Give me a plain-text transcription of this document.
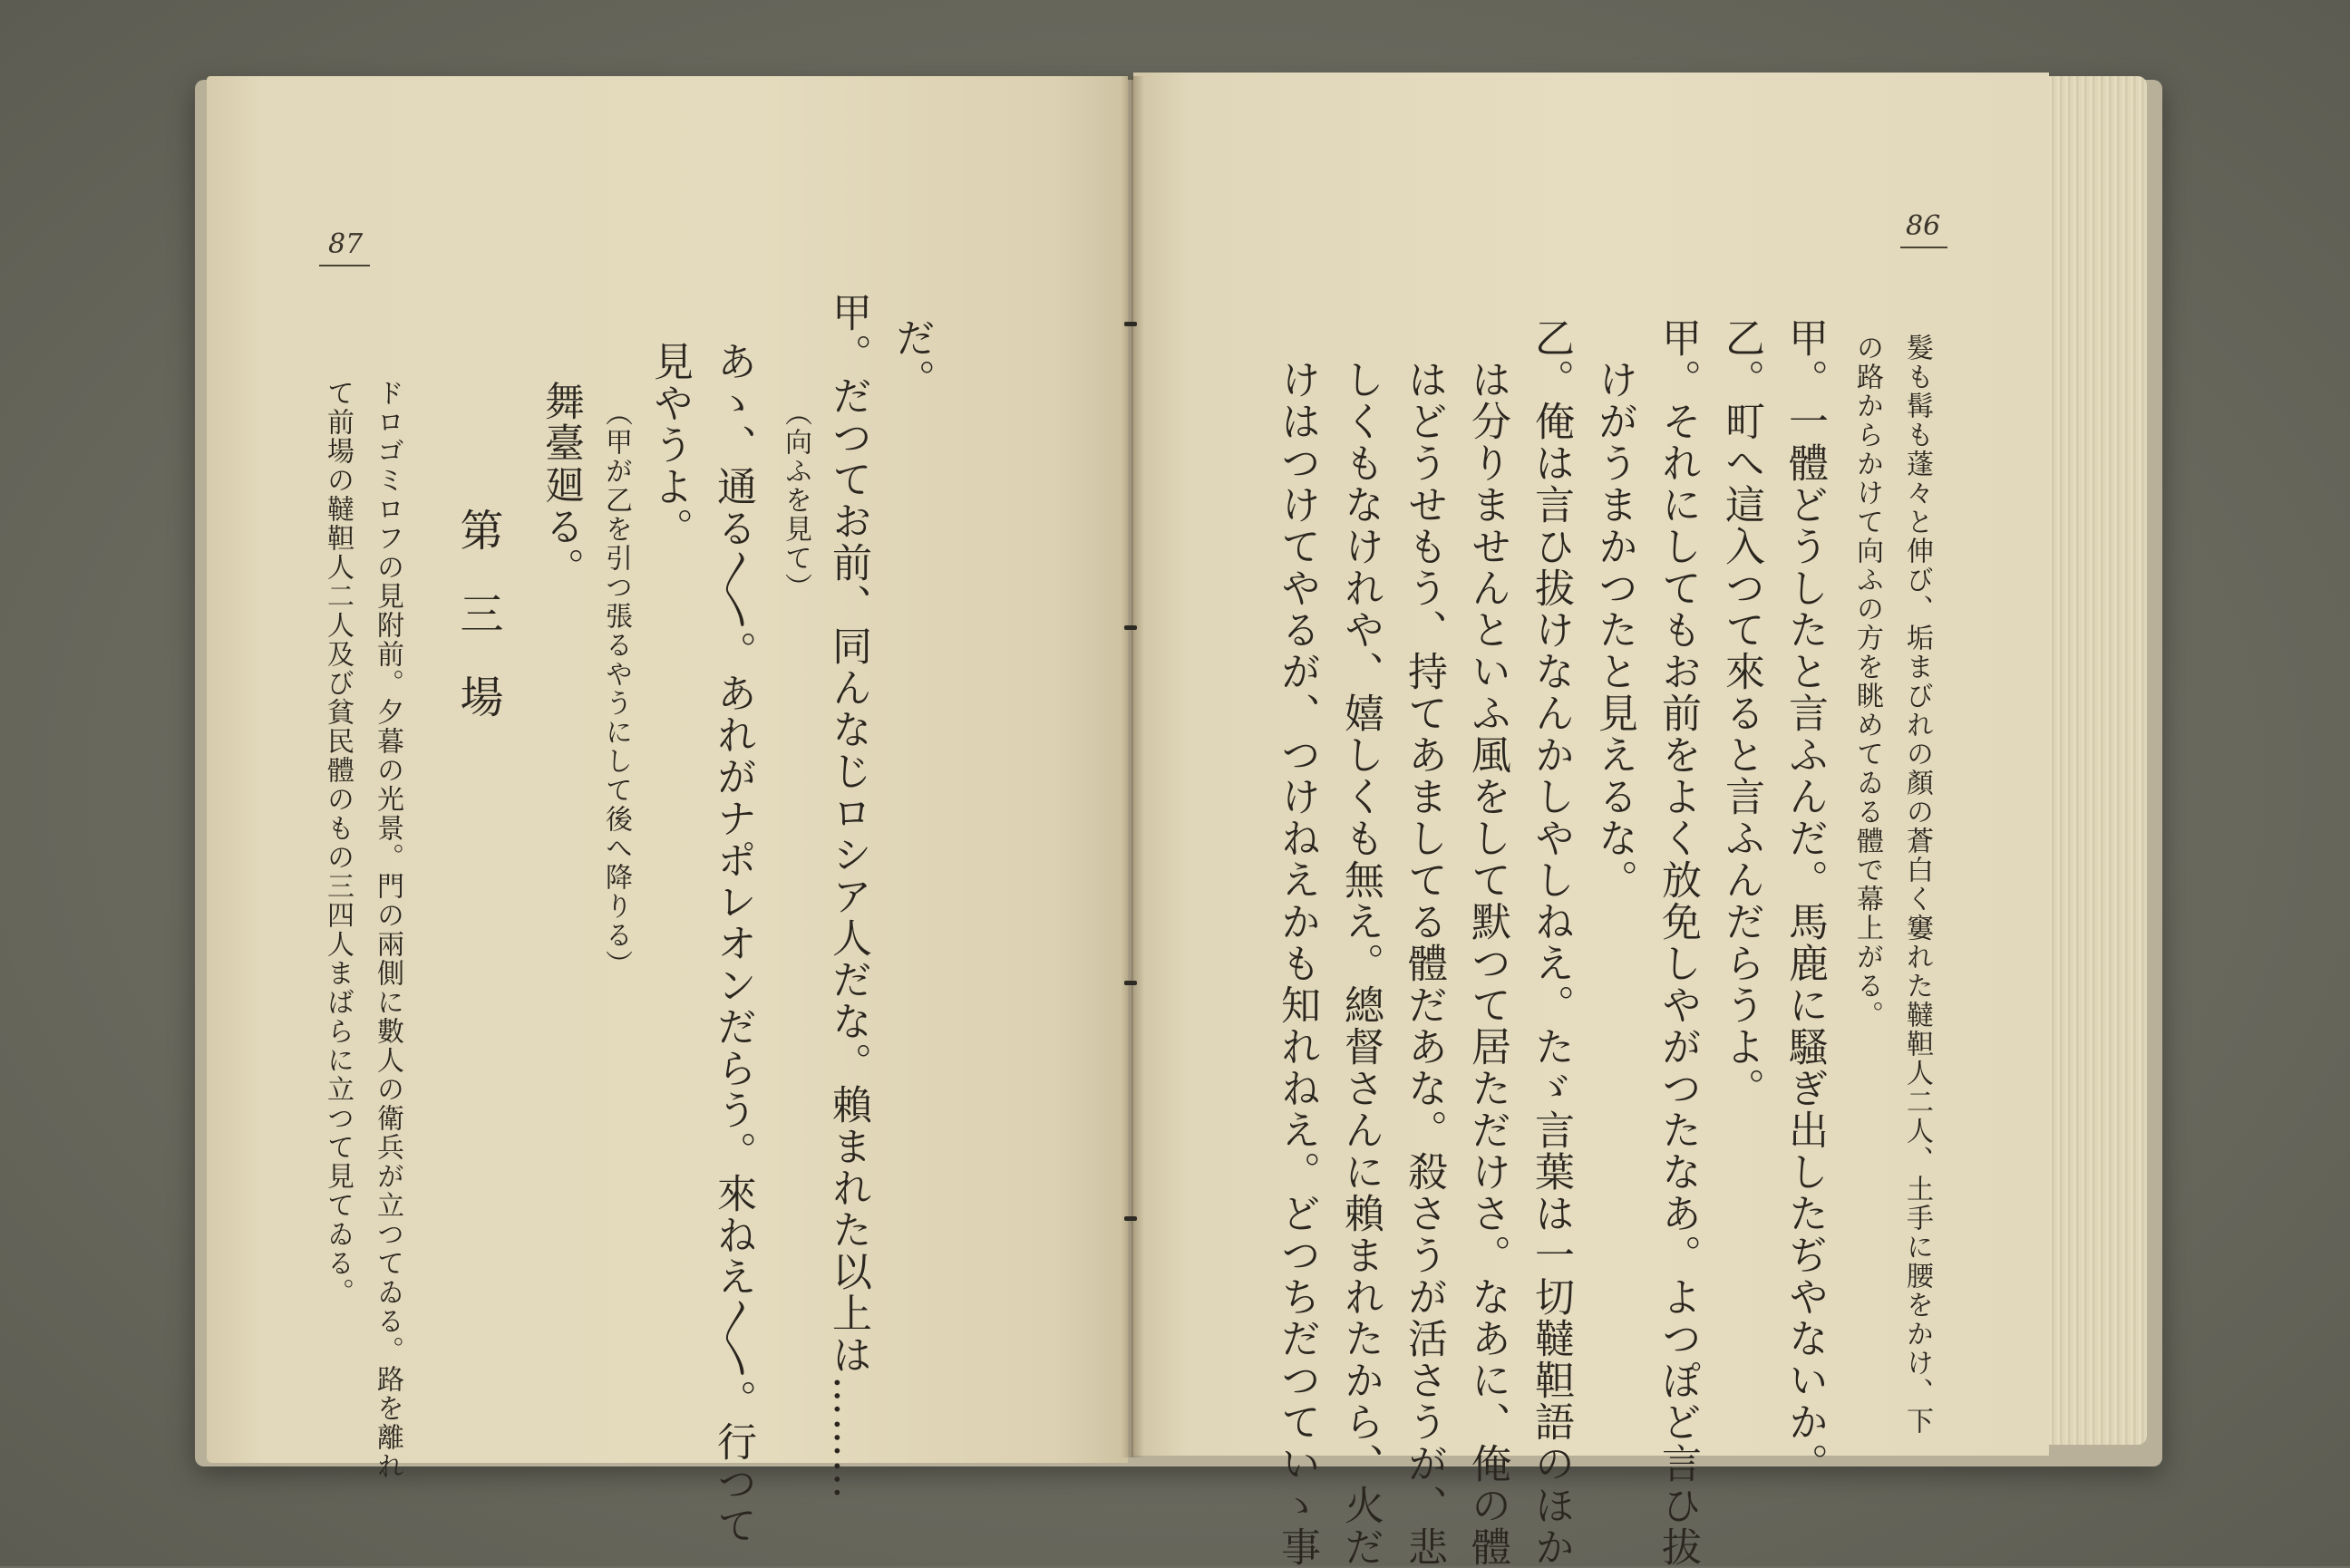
86
髮も髯も蓬々と伸び、垢まびれの顏の蒼白く窶れた韃靼人二人、土手に腰をかけ、下
の路からかけて向ふの方を眺めてゐる體で幕上がる。
甲。一體どうしたと言ふんだ。馬鹿に騷ぎ出したぢやないか。
乙。町へ這入つて來ると言ふんだらうよ。
甲。それにしてもお前をよく放免しやがつたなあ。よつぽど言ひ拔
けがうまかつたと見えるな。
乙。俺は言ひ拔けなんかしやしねえ。たゞ言葉は一切韃靼語のほか
は分りませんといふ風をして默つて居ただけさ。なあに、俺の體
はどうせもう、持てあましてる體だあな。殺さうが活さうが、悲
しくもなけれや、嬉しくも無え。總督さんに賴まれたから、火だ
けはつけてやるが、つけねえかも知れねえ。どつちだつていゝ事
87
だ。
甲。だつてお前、同んなじロシア人だな。賴まれた以上は………
（向ふを見て）
あゝ、通る〳〵。あれがナポレオンだらう。來ねえ〳〵。行つて
見やうよ。
（甲が乙を引つ張るやうにして後へ降りる）
舞臺廻る。
第三場
ドロゴミロフの見附前。夕暮の光景。門の兩側に數人の衛兵が立つてゐる。路を離れ
て前場の韃靼人二人及び貧民體のもの三四人まばらに立つて見てゐる。
